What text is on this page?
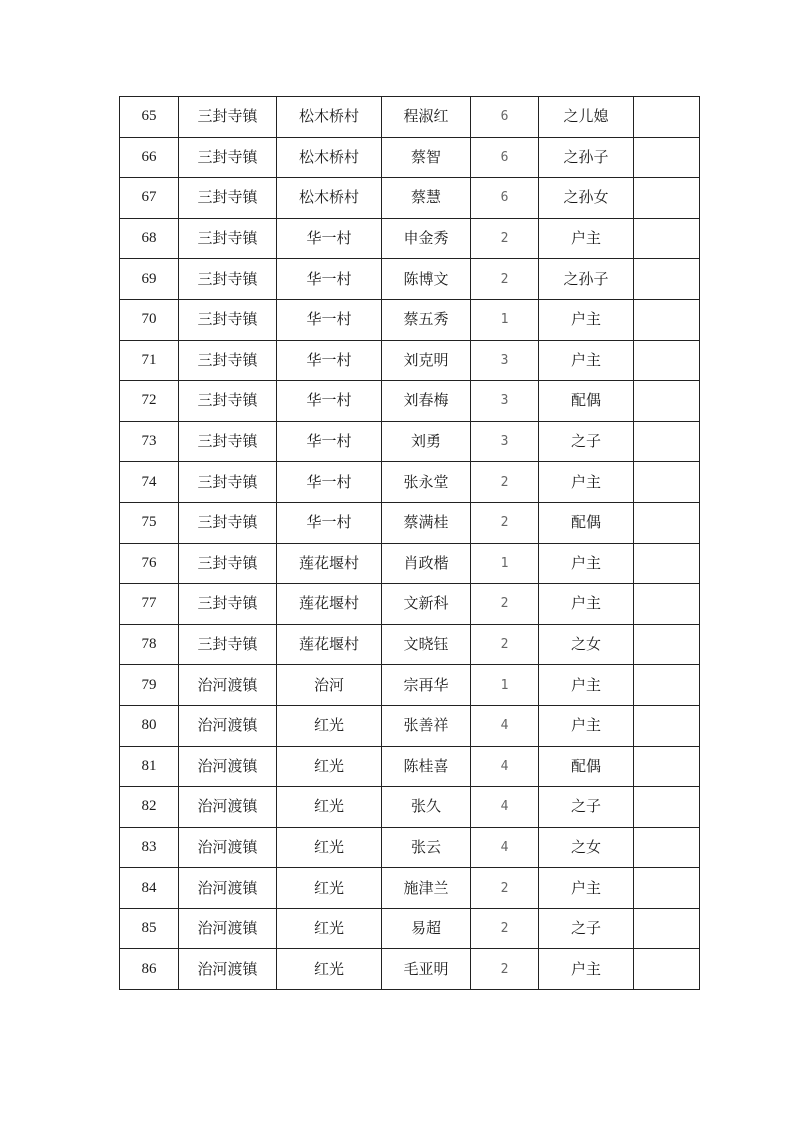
65	三封寺镇	松木桥村	程淑红	6	之儿媳	
66	三封寺镇	松木桥村	蔡智	6	之孙子	
67	三封寺镇	松木桥村	蔡慧	6	之孙女	
68	三封寺镇	华一村	申金秀	2	户主	
69	三封寺镇	华一村	陈博文	2	之孙子	
70	三封寺镇	华一村	蔡五秀	1	户主	
71	三封寺镇	华一村	刘克明	3	户主	
72	三封寺镇	华一村	刘春梅	3	配偶	
73	三封寺镇	华一村	刘勇	3	之子	
74	三封寺镇	华一村	张永堂	2	户主	
75	三封寺镇	华一村	蔡满桂	2	配偶	
76	三封寺镇	莲花堰村	肖政楷	1	户主	
77	三封寺镇	莲花堰村	文新科	2	户主	
78	三封寺镇	莲花堰村	文晓钰	2	之女	
79	治河渡镇	治河	宗再华	1	户主	
80	治河渡镇	红光	张善祥	4	户主	
81	治河渡镇	红光	陈桂喜	4	配偶	
82	治河渡镇	红光	张久	4	之子	
83	治河渡镇	红光	张云	4	之女	
84	治河渡镇	红光	施津兰	2	户主	
85	治河渡镇	红光	易超	2	之子	
86	治河渡镇	红光	毛亚明	2	户主	
